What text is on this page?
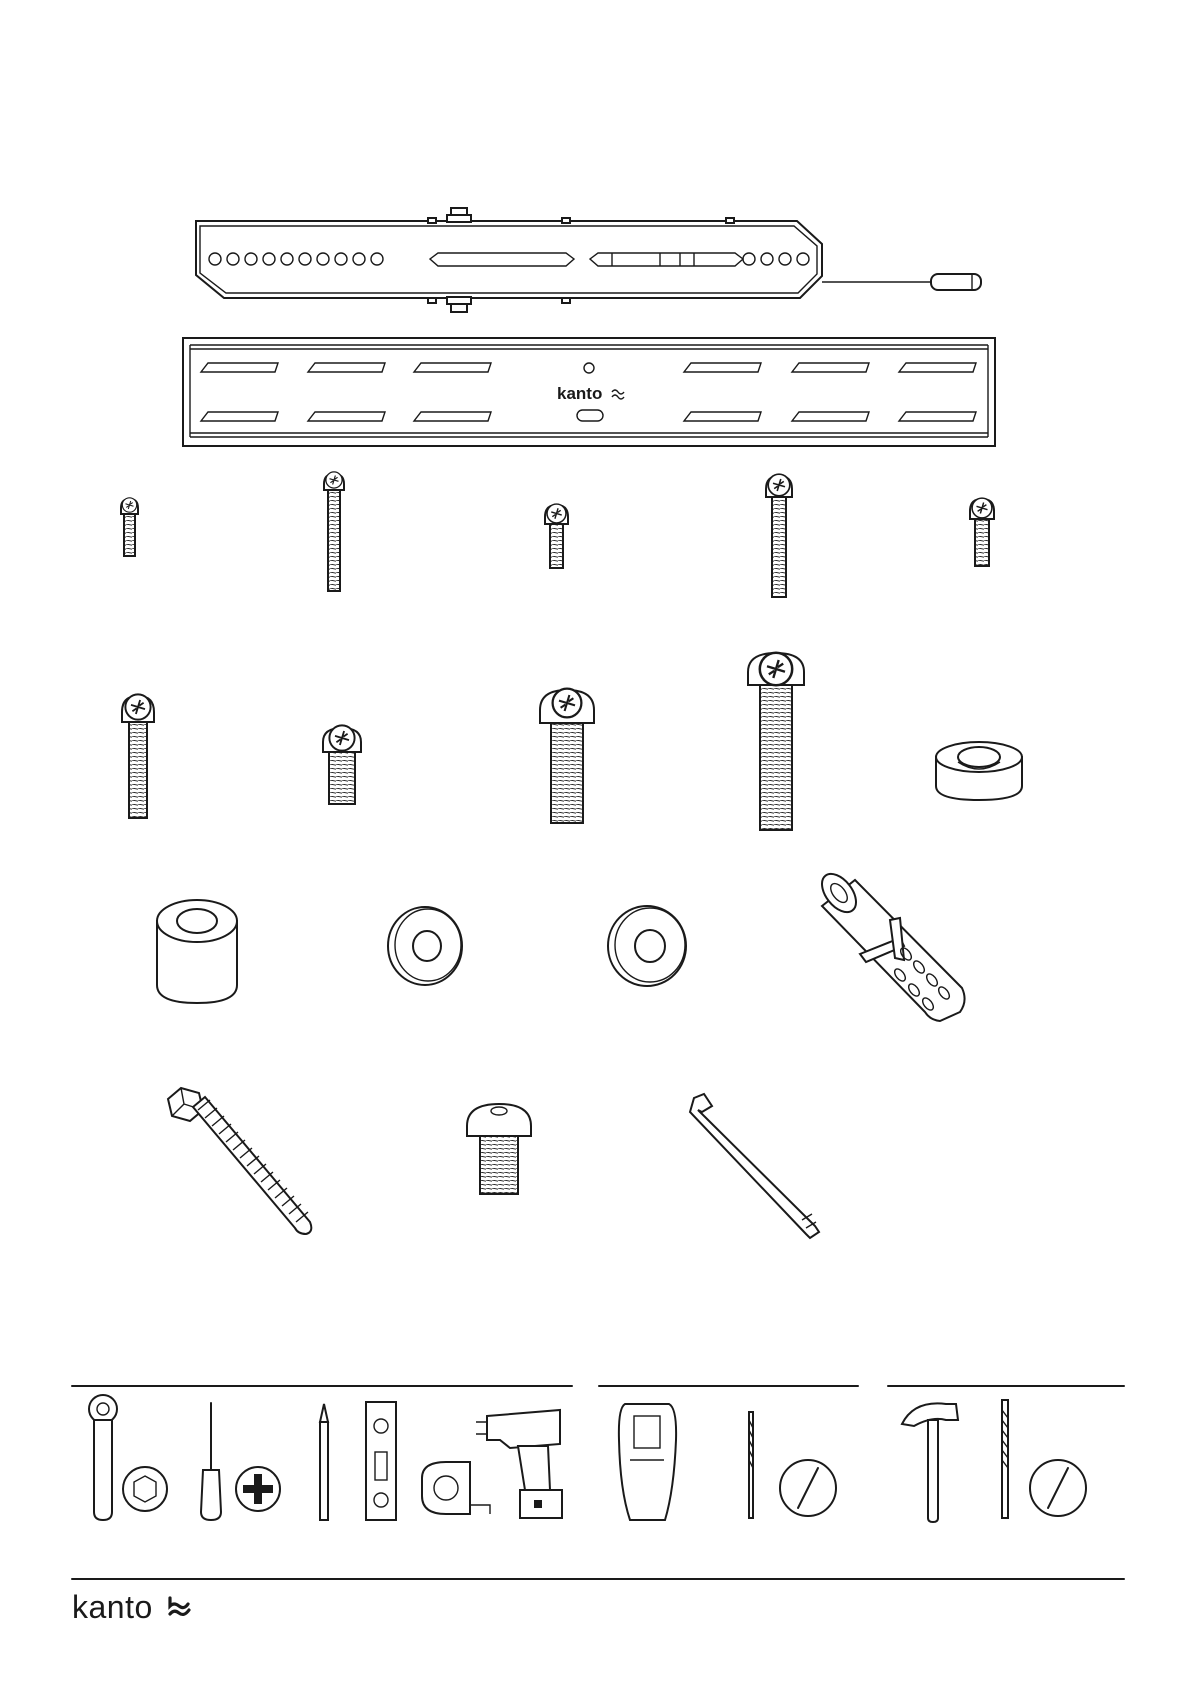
kanto
kanto
